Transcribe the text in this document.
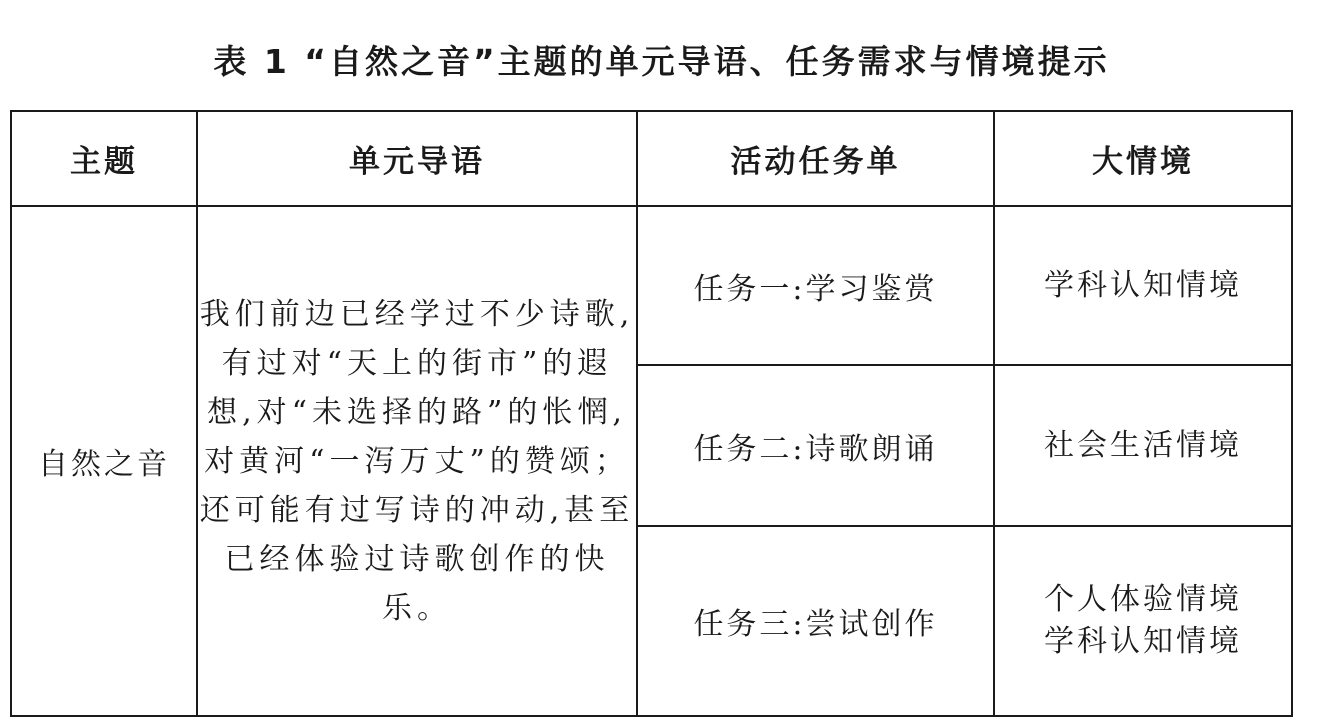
表 1 “自然之音”主题的单元导语、任务需求与情境提示
主题	单元导语	活动任务单	大情境
自然之音	我们前边已经学过不少诗歌,有过对“天上的街市”的遐想,对“未选择的路”的怅惘,对黄河“一泻万丈”的赞颂；还可能有过写诗的冲动,甚至已经体验过诗歌创作的快乐。	任务一:学习鉴赏	学科认知情境

		任务二:诗歌朗诵	社会生活情境

		任务三:尝试创作	个人体验情境
学科认知情境
